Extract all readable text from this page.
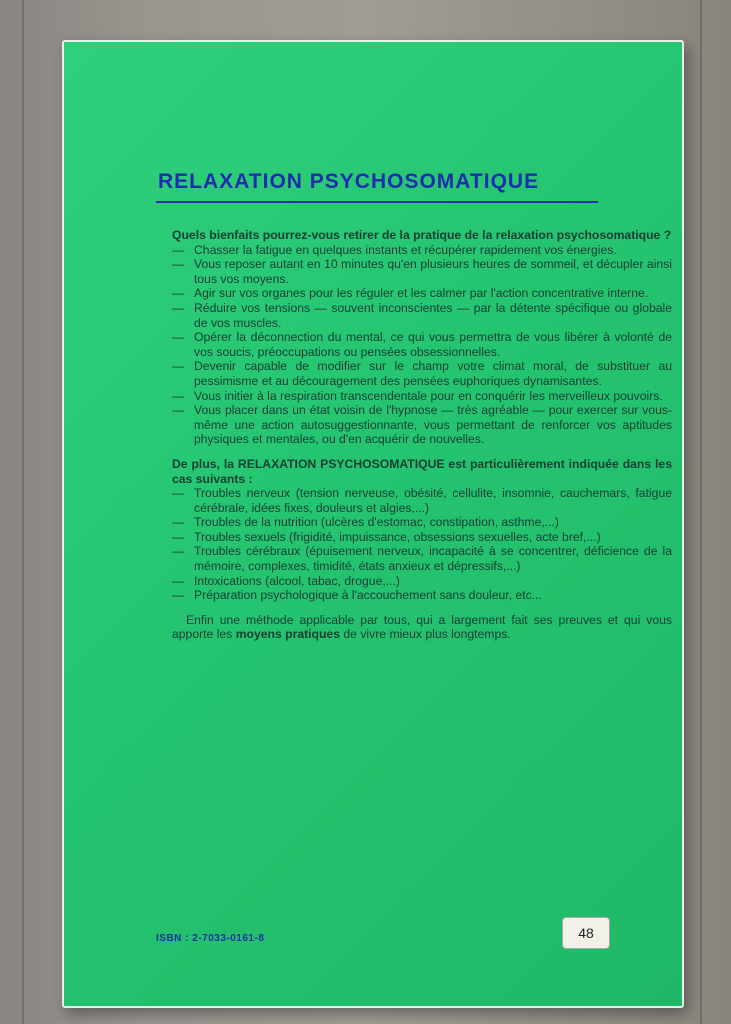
RELAXATION PSYCHOSOMATIQUE
Quels bienfaits pourrez-vous retirer de la pratique de la relaxation psychosomatique ?
— Chasser la fatigue en quelques instants et récupérer rapidement vos énergies.
— Vous reposer autant en 10 minutes qu'en plusieurs heures de sommeil, et décupler ainsi tous vos moyens.
— Agir sur vos organes pour les réguler et les calmer par l'action concentrative interne.
— Réduire vos tensions — souvent inconscientes — par la détente spécifique ou globale de vos muscles.
— Opérer la déconnection du mental, ce qui vous permettra de vous libérer à volonté de vos soucis, préoccupations ou pensées obsessionnelles.
— Devenir capable de modifier sur le champ votre climat moral, de substituer au pessimisme et au découragement des pensées euphoriques dynamisantes.
— Vous initier à la respiration transcendentale pour en conquérir les merveilleux pouvoirs.
— Vous placer dans un état voisin de l'hypnose — très agréable — pour exercer sur vous-même une action autosuggestionnante, vous permettant de renforcer vos aptitudes physiques et mentales, ou d'en acquérir de nouvelles.
De plus, la RELAXATION PSYCHOSOMATIQUE est particulièrement indiquée dans les cas suivants :
— Troubles nerveux (tension nerveuse, obésité, cellulite, insomnie, cauchemars, fatigue cérébrale, idées fixes, douleurs et algies,...)
— Troubles de la nutrition (ulcères d'estomac, constipation, asthme,...)
— Troubles sexuels (frigidité, impuissance, obsessions sexuelles, acte bref,...)
— Troubles cérébraux (épuisement nerveux, incapacité à se concentrer, déficience de la mémoire, complexes, timidité, états anxieux et dépressifs,...)
— Intoxications (alcool, tabac, drogue,...)
— Préparation psychologique à l'accouchement sans douleur, etc...
Enfin une méthode applicable par tous, qui a largement fait ses preuves et qui vous apporte les moyens pratiques de vivre mieux plus longtemps.
ISBN : 2-7033-0161-8	48
